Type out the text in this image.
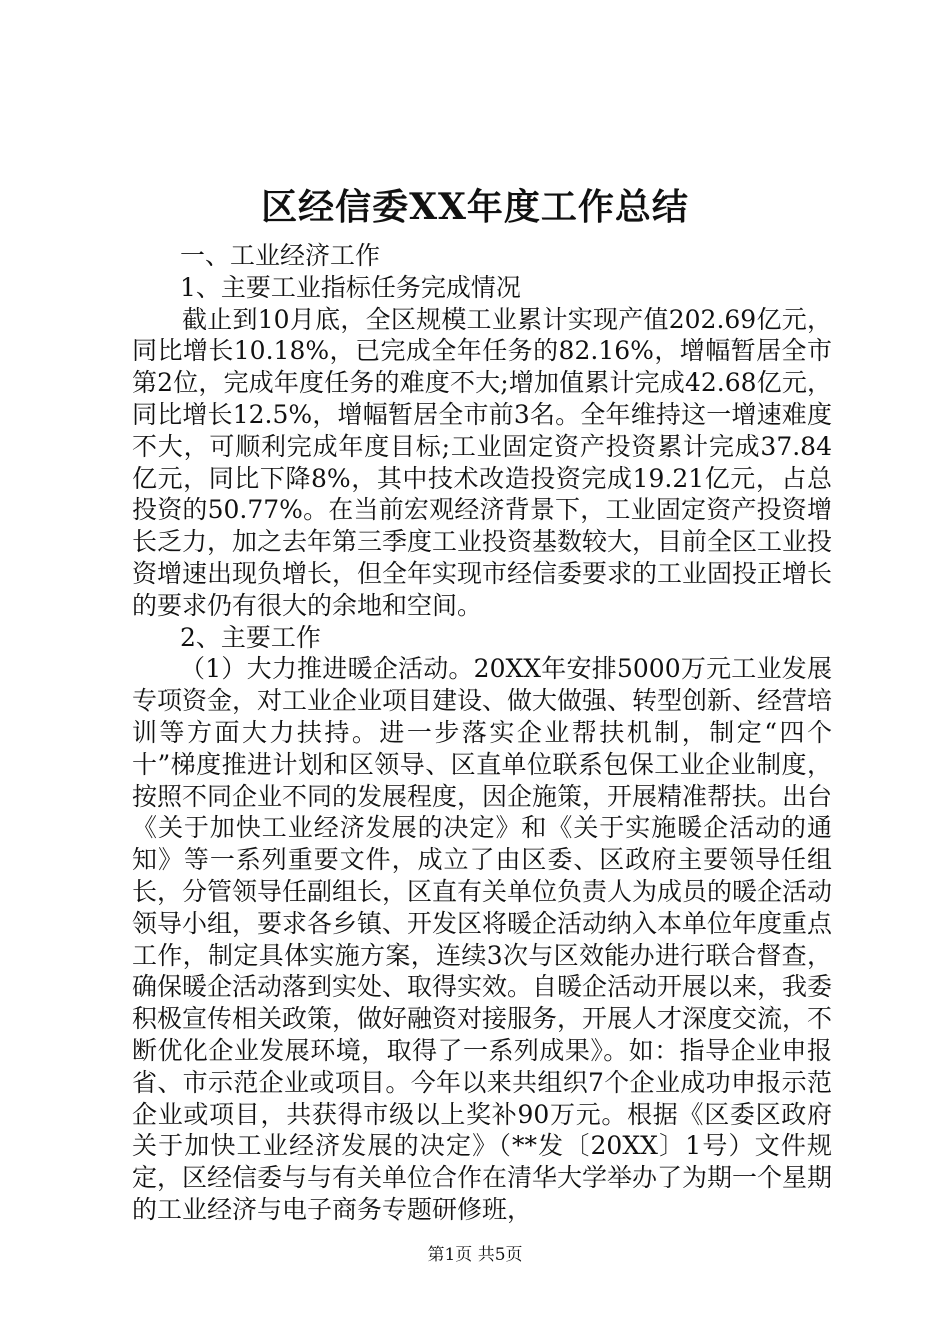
区经信委XX年度工作总结

一、工业经济工作

1、主要工业指标任务完成情况

截止到10月底，全区规模工业累计实现产值202.69亿元，同比增长10.18%，已完成全年任务的82.16%，增幅暂居全市第2位，完成年度任务的难度不大;增加值累计完成42.68亿元，同比增长12.5%，增幅暂居全市前3名。全年维持这一增速难度不大，可顺利完成年度目标;工业固定资产投资累计完成37.84亿元，同比下降8%，其中技术改造投资完成19.21亿元，占总投资的50.77%。在当前宏观经济背景下，工业固定资产投资增长乏力，加之去年第三季度工业投资基数较大，目前全区工业投资增速出现负增长，但全年实现市经信委要求的工业固投正增长的要求仍有很大的余地和空间。

2、主要工作

（1）大力推进暖企活动。20XX年安排5000万元工业发展专项资金，对工业企业项目建设、做大做强、转型创新、经营培训等方面大力扶持。进一步落实企业帮扶机制，制定“四个十”梯度推进计划和区领导、区直单位联系包保工业企业制度，按照不同企业不同的发展程度，因企施策，开展精准帮扶。出台《关于加快工业经济发展的决定》和《关于实施暖企活动的通知》等一系列重要文件，成立了由区委、区政府主要领导任组长，分管领导任副组长，区直有关单位负责人为成员的暖企活动领导小组，要求各乡镇、开发区将暖企活动纳入本单位年度重点工作，制定具体实施方案，连续3次与区效能办进行联合督查，确保暖企活动落到实处、取得实效。自暖企活动开展以来，我委积极宣传相关政策，做好融资对接服务，开展人才深度交流，不断优化企业发展环境，取得了一系列成果》。如：指导企业申报省、市示范企业或项目。今年以来共组织7个企业成功申报示范企业或项目，共获得市级以上奖补90万元。根据《区委区政府关于加快工业经济发展的决定》（**发〔20XX〕1号）文件规定，区经信委与与有关单位合作在清华大学举办了为期一个星期的工业经济与电子商务专题研修班，

第1页 共5页
